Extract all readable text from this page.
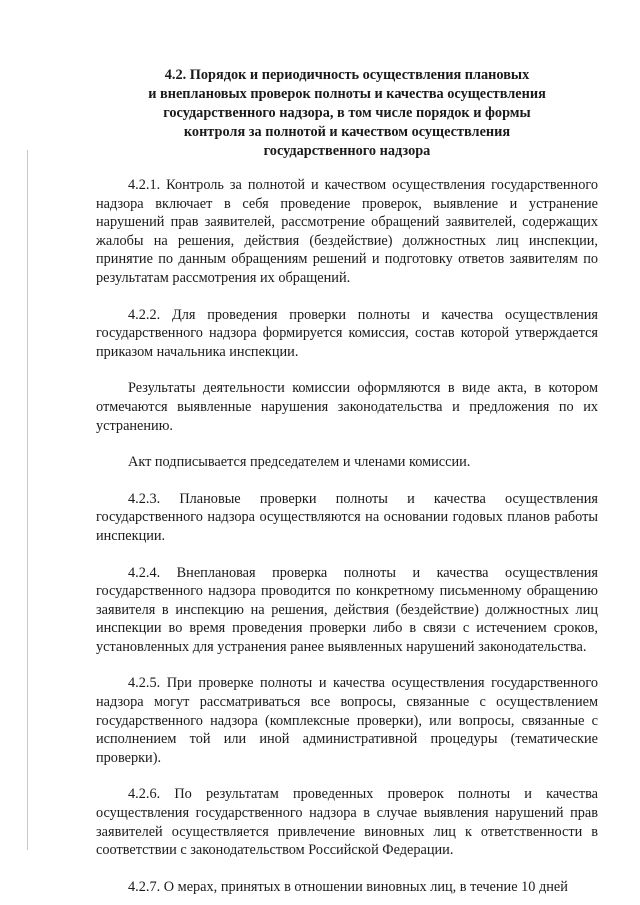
4.2. Порядок и периодичность осуществления плановых
и внеплановых проверок полноты и качества осуществления
государственного надзора, в том числе порядок и формы
контроля за полнотой и качеством осуществления
государственного надзора

4.2.1. Контроль за полнотой и качеством осуществления государственного надзора включает в себя проведение проверок, выявление и устранение нарушений прав заявителей, рассмотрение обращений заявителей, содержащих жалобы на решения, действия (бездействие) должностных лиц инспекции, принятие по данным обращениям решений и подготовку ответов заявителям по результатам рассмотрения их обращений.

4.2.2. Для проведения проверки полноты и качества осуществления государственного надзора формируется комиссия, состав которой утверждается приказом начальника инспекции.

Результаты деятельности комиссии оформляются в виде акта, в котором отмечаются выявленные нарушения законодательства и предложения по их устранению.

Акт подписывается председателем и членами комиссии.

4.2.3. Плановые проверки полноты и качества осуществления государственного надзора осуществляются на основании годовых планов работы инспекции.

4.2.4. Внеплановая проверка полноты и качества осуществления государственного надзора проводится по конкретному письменному обращению заявителя в инспекцию на решения, действия (бездействие) должностных лиц инспекции во время проведения проверки либо в связи с истечением сроков, установленных для устранения ранее выявленных нарушений законодательства.

4.2.5. При проверке полноты и качества осуществления государственного надзора могут рассматриваться все вопросы, связанные с осуществлением государственного надзора (комплексные проверки), или вопросы, связанные с исполнением той или иной административной процедуры (тематические проверки).

4.2.6. По результатам проведенных проверок полноты и качества осуществления государственного надзора в случае выявления нарушений прав заявителей осуществляется привлечение виновных лиц к ответственности в соответствии с законодательством Российской Федерации.

4.2.7. О мерах, принятых в отношении виновных лиц, в течение 10 дней
